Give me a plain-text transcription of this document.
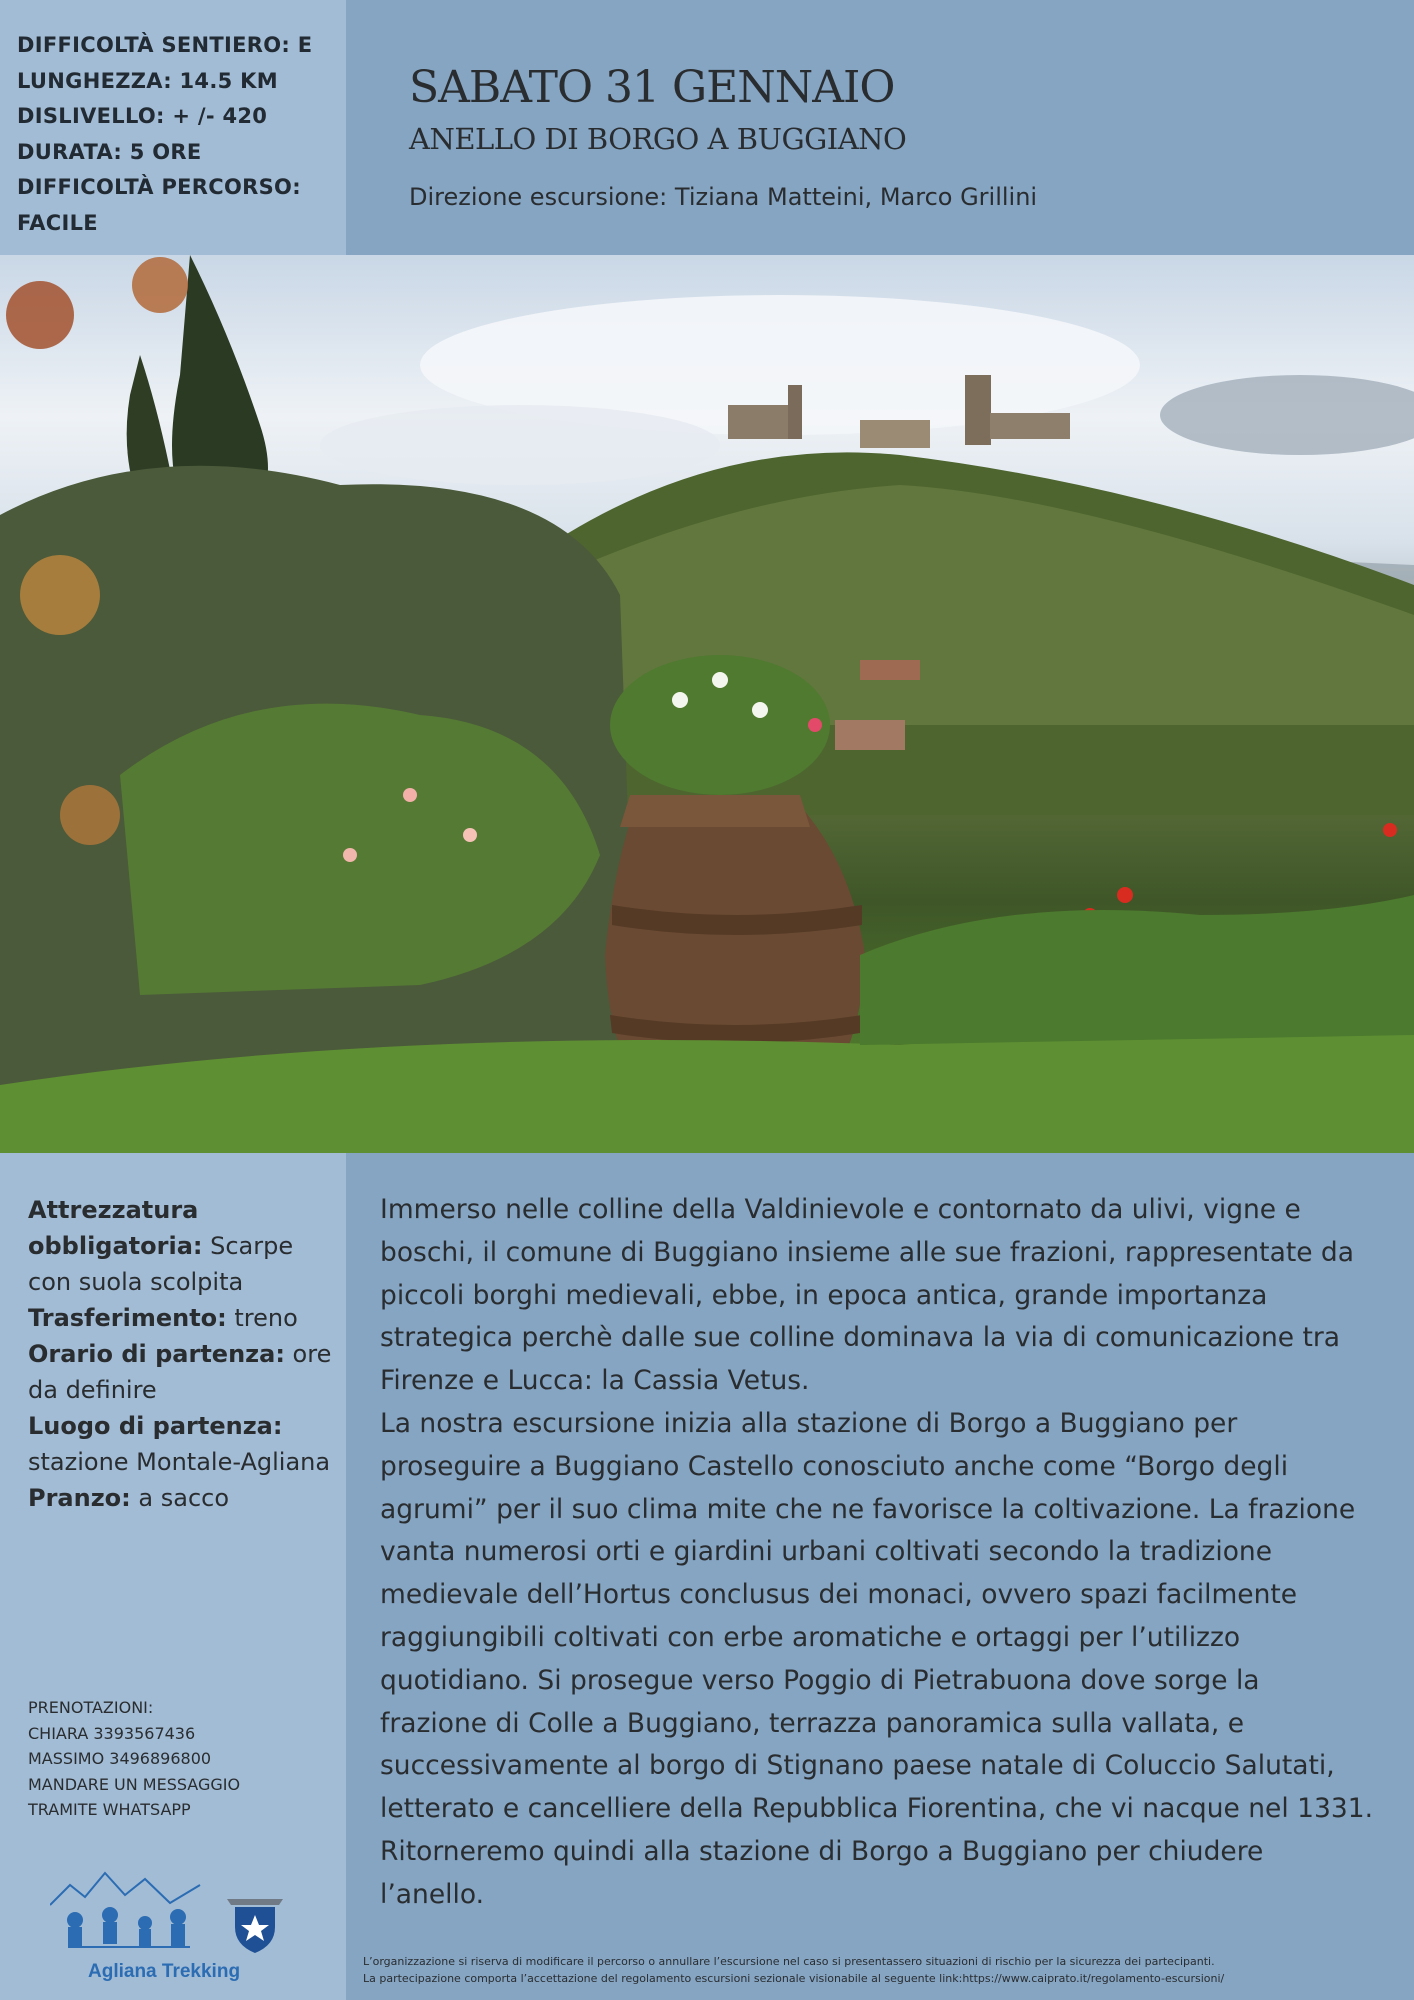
DIFFICOLTÀ SENTIERO: E
LUNGHEZZA: 14.5 KM
DISLIVELLO: + /- 420
DURATA: 5 ORE
DIFFICOLTÀ PERCORSO:
FACILE
SABATO 31 GENNAIO
ANELLO DI BORGO A BUGGIANO
Direzione escursione: Tiziana Matteini, Marco Grillini
Attrezzatura obbligatoria: Scarpe con suola scolpita
Trasferimento: treno
Orario di partenza: ore da definire
Luogo di partenza: stazione Montale-Agliana
Pranzo: a sacco
PRENOTAZIONI:
CHIARA 3393567436
MASSIMO 3496896800
MANDARE UN MESSAGGIO
TRAMITE WHATSAPP
Agliana Trekking

Immerso nelle colline della Valdinievole e contornato da ulivi, vigne e boschi, il comune di Buggiano insieme alle sue frazioni, rappresentate da piccoli borghi medievali, ebbe, in epoca antica, grande importanza strategica perchè dalle sue colline dominava la via di comunicazione tra Firenze e Lucca: la Cassia Vetus.

La nostra escursione inizia alla stazione di Borgo a Buggiano per proseguire a Buggiano Castello conosciuto anche come “Borgo degli agrumi” per il suo clima mite che ne favorisce la coltivazione. La frazione vanta numerosi orti e giardini urbani coltivati secondo la tradizione medievale dell’Hortus conclusus dei monaci, ovvero spazi facilmente raggiungibili coltivati con erbe aromatiche e ortaggi per l’utilizzo quotidiano. Si prosegue verso Poggio di Pietrabuona dove sorge la frazione di Colle a Buggiano, terrazza panoramica sulla vallata, e successivamente al borgo di Stignano paese natale di Coluccio Salutati, letterato e cancelliere della Repubblica Fiorentina, che vi nacque nel 1331. Ritorneremo quindi alla stazione di Borgo a Buggiano per chiudere l’anello.

L’organizzazione si riserva di modificare il percorso o annullare l’escursione nel caso si presentassero situazioni di rischio per la sicurezza dei partecipanti.
La partecipazione comporta l’accettazione del regolamento escursioni sezionale visionabile al seguente link:https://www.caiprato.it/regolamento-escursioni/
